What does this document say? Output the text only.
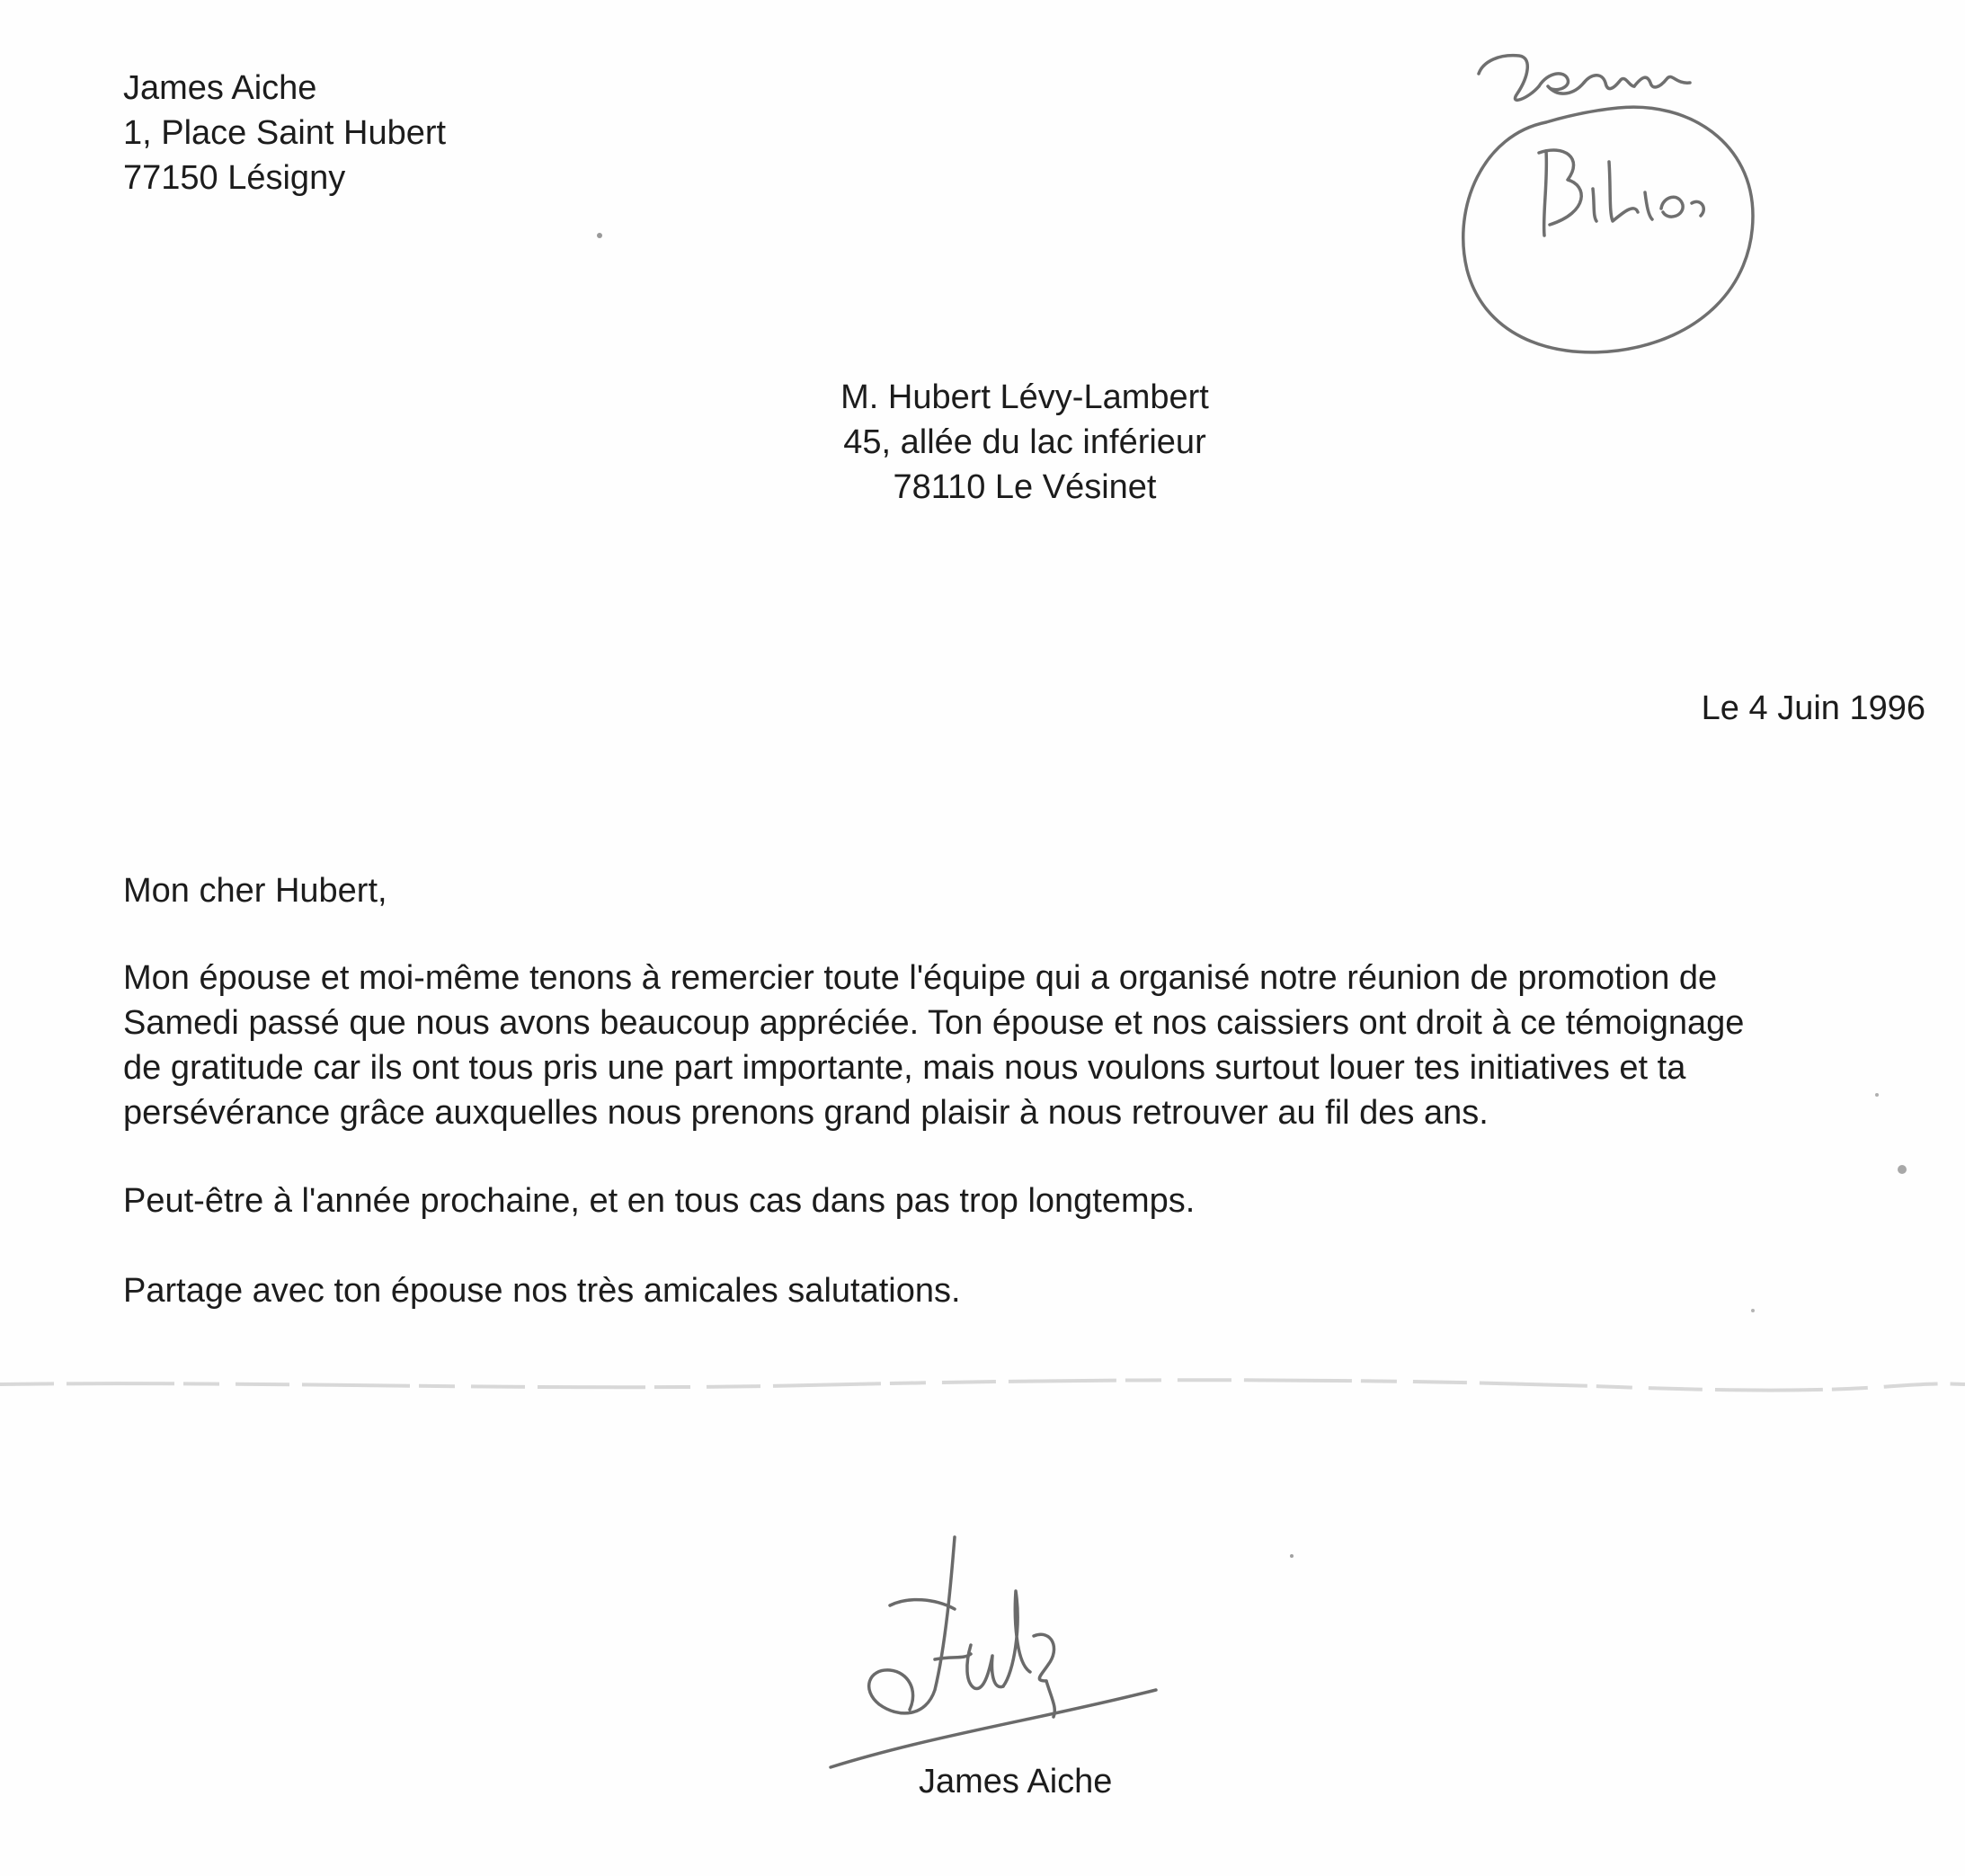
James Aiche
1, Place Saint Hubert
77150 Lésigny
M. Hubert Lévy-Lambert
45, allée du lac inférieur
78110 Le Vésinet
Le 4 Juin 1996
Mon cher Hubert,
Mon épouse et moi-même tenons à remercier toute l'équipe qui a organisé notre réunion de promotion de
Samedi passé que nous avons beaucoup appréciée. Ton épouse et nos caissiers ont droit à ce témoignage
de gratitude car ils ont tous pris une part importante, mais nous voulons surtout louer tes initiatives et ta
persévérance grâce auxquelles nous prenons grand plaisir à nous retrouver au fil des ans.
Peut-être à l'année prochaine, et en tous cas dans pas trop longtemps.
Partage avec ton épouse nos très amicales salutations.
James Aiche
